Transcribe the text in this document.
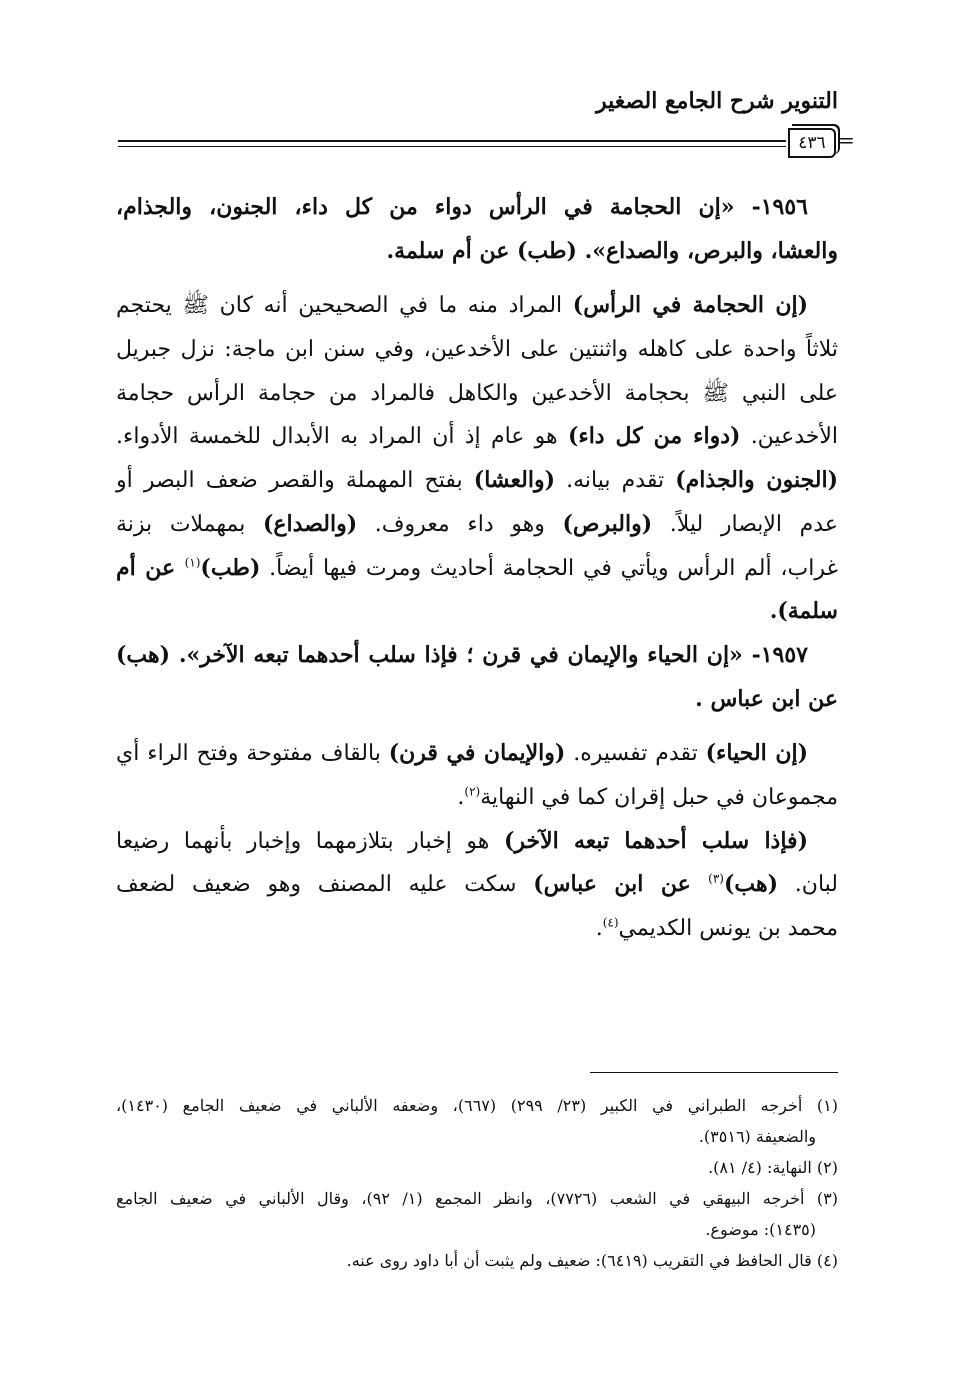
التنوير شرح الجامع الصغير
٤٣٦ =
١٩٥٦- «إن الحجامة في الرأس دواء من كل داء، الجنون، والجذام،
والعشا، والبرص، والصداع». (طب) عن أم سلمة.
(إن الحجامة في الرأس) المراد منه ما في الصحيحين أنه كان ﷺ يحتجم
ثلاثاً واحدة على كاهله واثنتين على الأخدعين، وفي سنن ابن ماجة: نزل جبريل
على النبي ﷺ بحجامة الأخدعين والكاهل فالمراد من حجامة الرأس حجامة
الأخدعين. (دواء من كل داء) هو عام إذ أن المراد به الأبدال للخمسة الأدواء.
(الجنون والجذام) تقدم بيانه. (والعشا) بفتح المهملة والقصر ضعف البصر أو
عدم الإبصار ليلاً. (والبرص) وهو داء معروف. (والصداع) بمهملات بزنة
غراب، ألم الرأس ويأتي في الحجامة أحاديث ومرت فيها أيضاً. (طب)$^{(١)}$ عن أم
سلمة).
١٩٥٧- «إن الحياء والإيمان في قرن ؛ فإذا سلب أحدهما تبعه الآخر». (هب)
عن ابن عباس .
(إن الحياء) تقدم تفسيره. (والإيمان في قرن) بالقاف مفتوحة وفتح الراء أي
مجموعان في حبل إقران كما في النهاية$^{(٢)}$.
(فإذا سلب أحدهما تبعه الآخر) هو إخبار بتلازمهما وإخبار بأنهما رضيعا
لبان. (هب)$^{(٣)}$ عن ابن عباس) سكت عليه المصنف وهو ضعيف لضعف
محمد بن يونس الكديمي$^{(٤)}$.
(١) أخرجه الطبراني في الكبير (٢٣/ ٢٩٩) (٦٦٧)، وضعفه الألباني في ضعيف الجامع (١٤٣٠)،
والضعيفة (٣٥١٦).
(٢) النهاية: (٤/ ٨١).
(٣) أخرجه البيهقي في الشعب (٧٧٢٦)، وانظر المجمع (١/ ٩٢)، وقال الألباني في ضعيف الجامع
(١٤٣٥): موضوع.
(٤) قال الحافظ في التقريب (٦٤١٩): ضعيف ولم يثبت أن أبا داود روى عنه.
